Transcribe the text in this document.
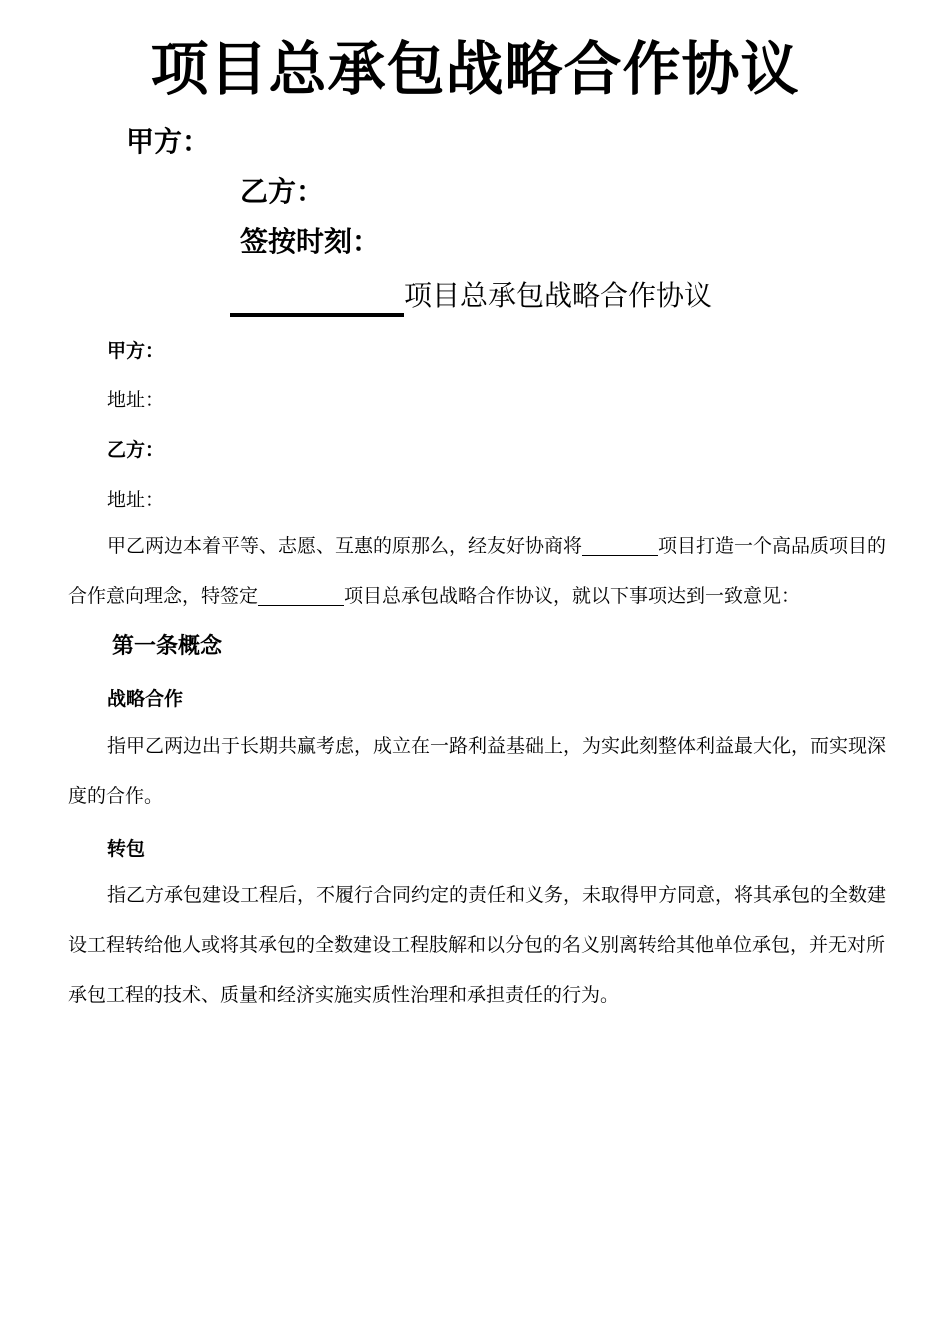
项目总承包战略合作协议
甲方：
乙方：
签按时刻：
项目总承包战略合作协议
甲方：
地址：
乙方：
地址：
甲乙两边本着平等、志愿、互惠的原那么，经友好协商将	项目打造一个高品质项目的
合作意向理念，特签定	项目总承包战略合作协议，就以下事项达到一致意见：
第一条概念
战略合作
指甲乙两边出于长期共赢考虑，成立在一路利益基础上，为实此刻整体利益最大化，而实现深
度的合作。
转包
指乙方承包建设工程后，不履行合同约定的责任和义务，未取得甲方同意，将其承包的全数建
设工程转给他人或将其承包的全数建设工程肢解和以分包的名义别离转给其他单位承包，并无对所
承包工程的技术、质量和经济实施实质性治理和承担责任的行为。
